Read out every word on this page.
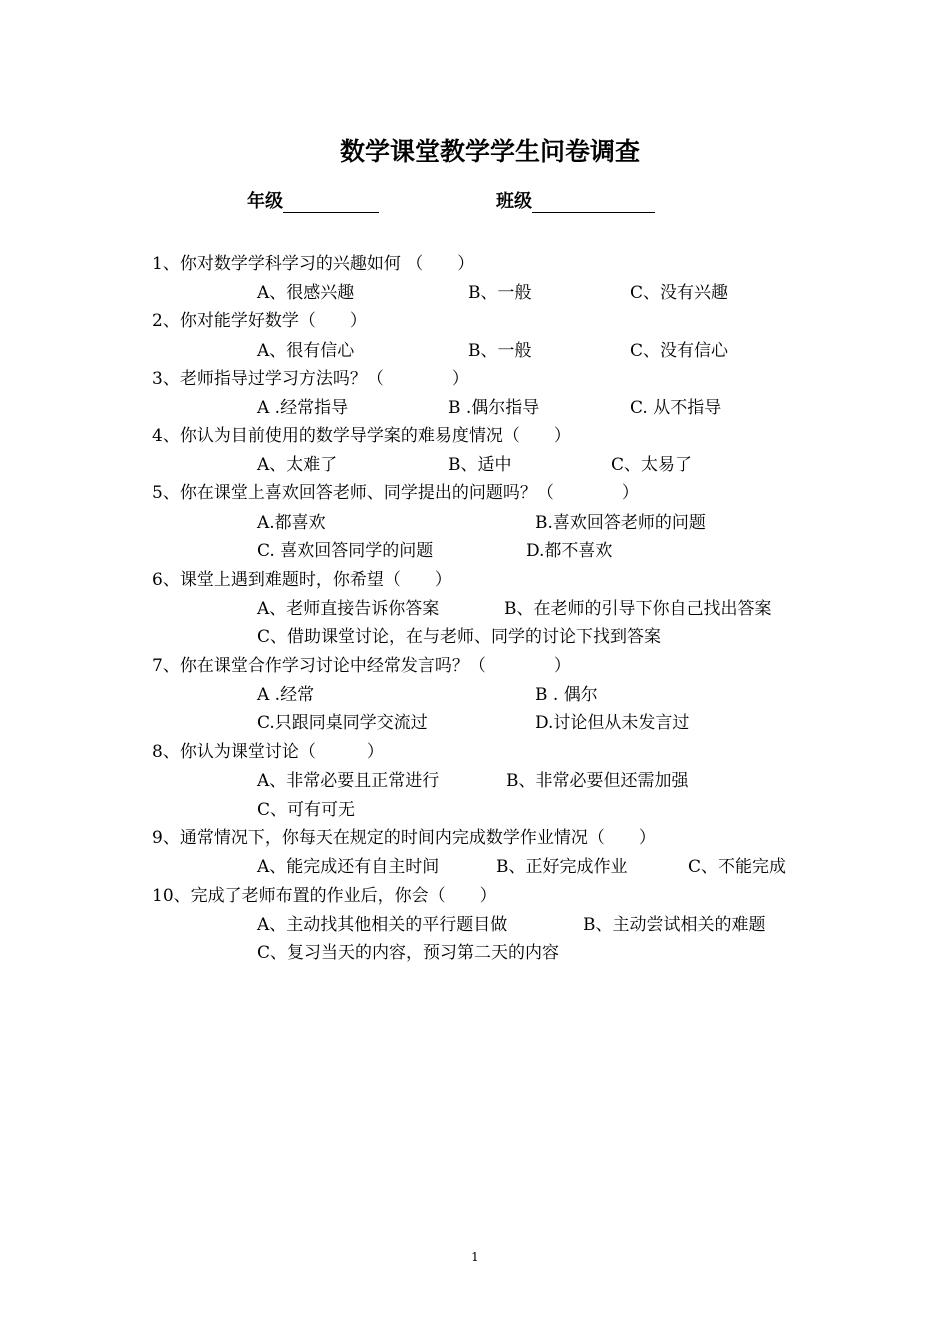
数学课堂教学学生问卷调查
年级	班级
1、你对数学学科学习的兴趣如何 （　　）
A、很感兴趣	B、一般	C、没有兴趣
2、你对能学好数学（　　）
A、很有信心	B、一般	C、没有信心
3、老师指导过学习方法吗？（　　　　）
A .经常指导	B .偶尔指导	C. 从不指导
4、你认为目前使用的数学导学案的难易度情况（　　）
A、太难了	B、适中	C、太易了
5、你在课堂上喜欢回答老师、同学提出的问题吗？（　　　　）
A.都喜欢	B.喜欢回答老师的问题
C. 喜欢回答同学的问题	D.都不喜欢
6、课堂上遇到难题时，你希望（　　）
A、老师直接告诉你答案	B、在老师的引导下你自己找出答案
C、借助课堂讨论，在与老师、同学的讨论下找到答案
7、你在课堂合作学习讨论中经常发言吗？（　　　　）
A .经常	B . 偶尔
C.只跟同桌同学交流过	D.讨论但从未发言过
8、你认为课堂讨论（　　　）
A、非常必要且正常进行	B、非常必要但还需加强
C、可有可无
9、通常情况下，你每天在规定的时间内完成数学作业情况（　　）
A、能完成还有自主时间	B、正好完成作业	C、不能完成
10、完成了老师布置的作业后，你会（　　）
A、主动找其他相关的平行题目做	B、主动尝试相关的难题
C、复习当天的内容，预习第二天的内容
1
